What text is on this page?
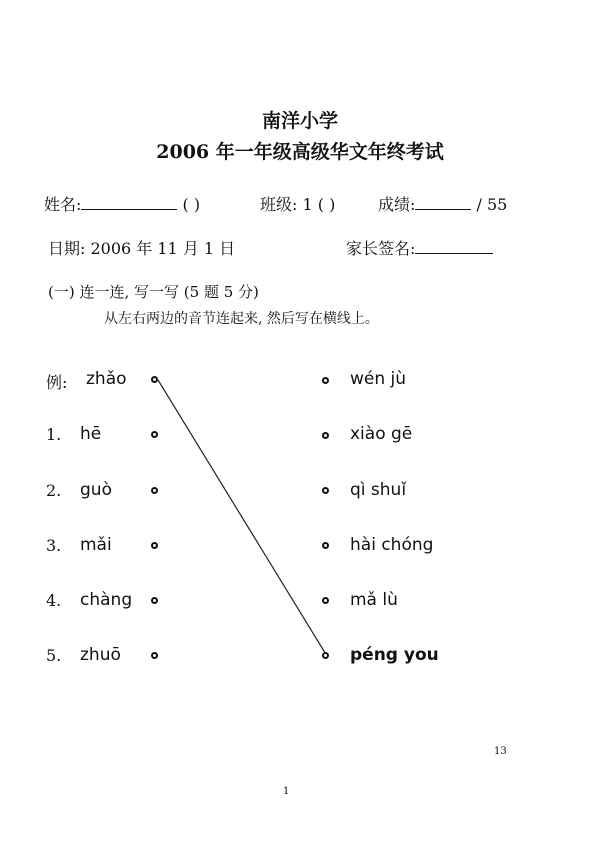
南洋小学
2006 年一年级高级华文年终考试
姓名:	( )	班级: 1 ( )	成绩:	/ 55
日期: 2006 年 11 月 1 日	家长签名:
(一) 连一连, 写一写 (5 题 5 分)
从左右两边的音节连起来, 然后写在横线上。
例: zhǎo
1. hē
2. guò
3. mǎi
4. chàng
5. zhuō
wén jù
xiào gē
qì shuǐ
hài chóng
mǎ lù
péng you
13
1
